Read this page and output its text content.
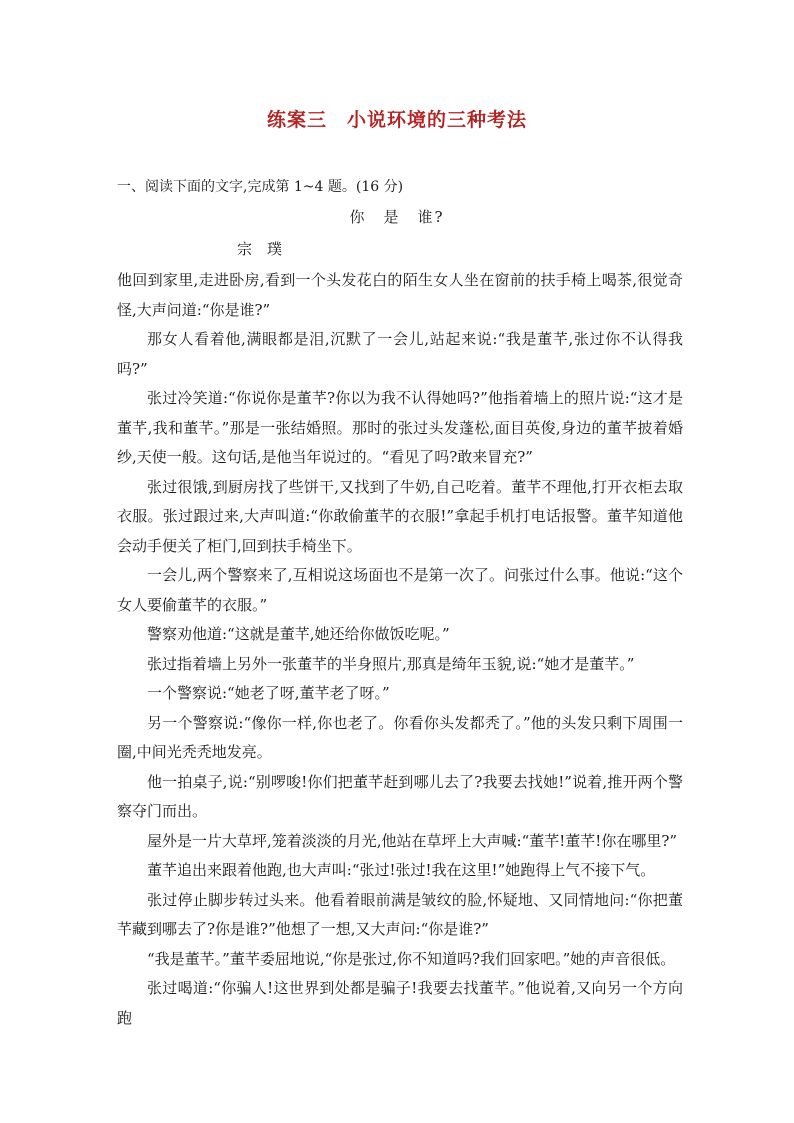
练案三　小说环境的三种考法
一、阅读下面的文字,完成第 1~4 题。(16 分)
你　是　谁?
宗　璞

他回到家里,走进卧房,看到一个头发花白的陌生女人坐在窗前的扶手椅上喝茶,很觉奇怪,大声问道:“你是谁?”

那女人看着他,满眼都是泪,沉默了一会儿,站起来说:“我是董芊,张过你不认得我吗?”

张过冷笑道:“你说你是董芊?你以为我不认得她吗?”他指着墙上的照片说:“这才是董芊,我和董芊。”那是一张结婚照。那时的张过头发蓬松,面目英俊,身边的董芊披着婚纱,天使一般。这句话,是他当年说过的。“看见了吗?敢来冒充?”

张过很饿,到厨房找了些饼干,又找到了牛奶,自己吃着。董芊不理他,打开衣柜去取衣服。张过跟过来,大声叫道:“你敢偷董芊的衣服!”拿起手机打电话报警。董芊知道他会动手便关了柜门,回到扶手椅坐下。

一会儿,两个警察来了,互相说这场面也不是第一次了。问张过什么事。他说:“这个女人要偷董芊的衣服。”

警察劝他道:“这就是董芊,她还给你做饭吃呢。”

张过指着墙上另外一张董芊的半身照片,那真是绮年玉貌,说:“她才是董芊。”

一个警察说:“她老了呀,董芊老了呀。”

另一个警察说:“像你一样,你也老了。你看你头发都秃了。”他的头发只剩下周围一圈,中间光秃秃地发亮。

他一拍桌子,说:“别啰唆!你们把董芊赶到哪儿去了?我要去找她!”说着,推开两个警察夺门而出。

屋外是一片大草坪,笼着淡淡的月光,他站在草坪上大声喊:“董芊!董芊!你在哪里?”

董芊追出来跟着他跑,也大声叫:“张过!张过!我在这里!”她跑得上气不接下气。

张过停止脚步转过头来。他看着眼前满是皱纹的脸,怀疑地、又同情地问:“你把董芊藏到哪去了?你是谁?”他想了一想,又大声问:“你是谁?”

“我是董芊。”董芊委屈地说,“你是张过,你不知道吗?我们回家吧。”她的声音很低。

张过喝道:“你骗人!这世界到处都是骗子!我要去找董芊。”他说着,又向另一个方向跑
